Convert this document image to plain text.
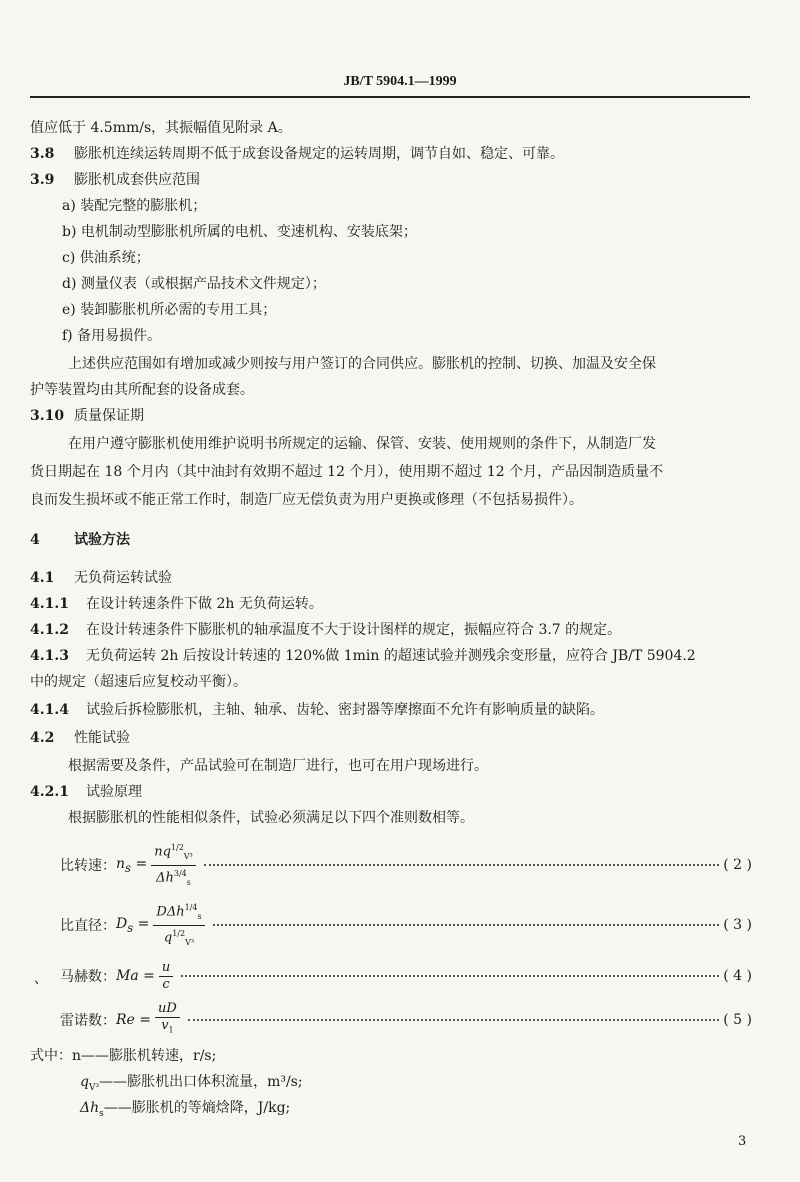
JB/T 5904.1—1999
值应低于 4.5mm/s，其振幅值见附录 A。
3.8 膨胀机连续运转周期不低于成套设备规定的运转周期，调节自如、稳定、可靠。
3.9 膨胀机成套供应范围
a) 装配完整的膨胀机；
b) 电机制动型膨胀机所属的电机、变速机构、安装底架；
c) 供油系统；
d) 测量仪表（或根据产品技术文件规定）；
e) 装卸膨胀机所必需的专用工具；
f) 备用易损件。
上述供应范围如有增加或减少则按与用户签订的合同供应。膨胀机的控制、切换、加温及安全保
护等装置均由其所配套的设备成套。
3.10 质量保证期
在用户遵守膨胀机使用维护说明书所规定的运输、保管、安装、使用规则的条件下，从制造厂发
货日期起在 18 个月内（其中油封有效期不超过 12 个月），使用期不超过 12 个月，产品因制造质量不
良而发生损坏或不能正常工作时，制造厂应无偿负责为用户更换或修理（不包括易损件）。
4 试验方法
4.1 无负荷运转试验
4.1.1 在设计转速条件下做 2h 无负荷运转。
4.1.2 在设计转速条件下膨胀机的轴承温度不大于设计图样的规定，振幅应符合 3.7 的规定。
4.1.3 无负荷运转 2h 后按设计转速的 120%做 1min 的超速试验并测残余变形量，应符合 JB/T 5904.2
中的规定（超速后应复校动平衡）。
4.1.4 试验后拆检膨胀机，主轴、轴承、齿轮、密封器等摩擦面不允许有影响质量的缺陷。
4.2 性能试验
根据需要及条件，产品试验可在制造厂进行，也可在用户现场进行。
4.2.1 试验原理
根据膨胀机的性能相似条件，试验必须满足以下四个准则数相等。
比转速： $n_s = \frac{nq^{1/2}_{V^3}}{\Delta h^{3/4}_s}$	( 2 )
比直径： $D_s = \frac{D\Delta h^{1/4}_s}{q^{1/2}_{V^3}}$	( 3 )
、 马赫数： $Ma = \frac{u}{c}$	( 4 )
雷诺数： $Re = \frac{uD}{v_1}$	( 5 )
式中：n——膨胀机转速，r/s;
$q_{V^3}——$膨胀机出口体积流量，m³/s;
$\Delta h_s——$膨胀机的等熵焓降，J/kg;
3
